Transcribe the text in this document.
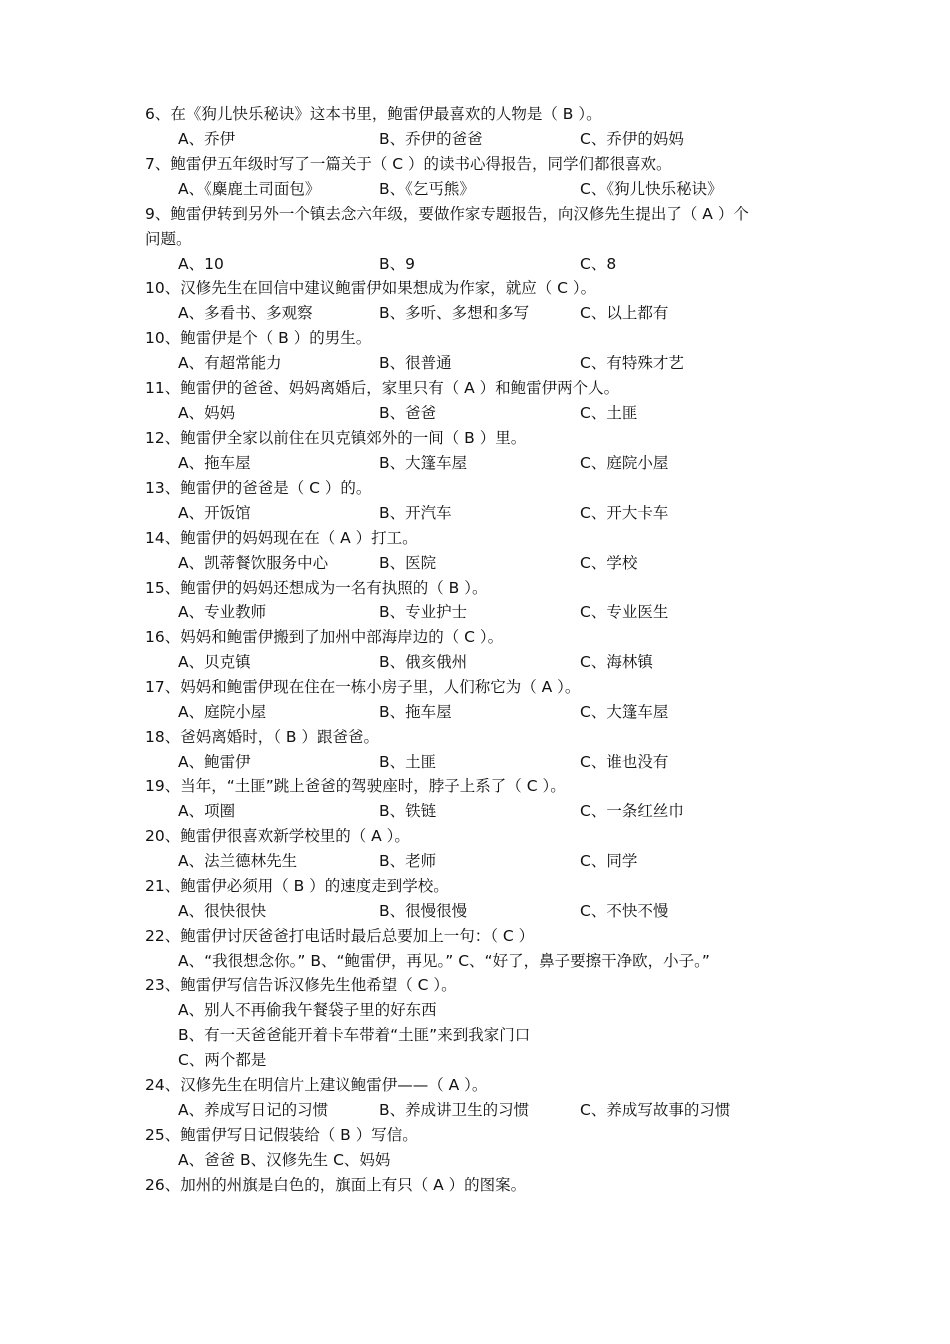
6、在《狗儿快乐秘诀》这本书里，鲍雷伊最喜欢的人物是（ B ）。
A、乔伊	B、乔伊的爸爸	C、乔伊的妈妈
7、鲍雷伊五年级时写了一篇关于（ C ）的读书心得报告，同学们都很喜欢。
A、《麋鹿土司面包》	B、《乞丐熊》	C、《狗儿快乐秘诀》
9、鲍雷伊转到另外一个镇去念六年级，要做作家专题报告，向汉修先生提出了（ A ）个
问题。
A、10	B、9	C、8
10、汉修先生在回信中建议鲍雷伊如果想成为作家，就应（ C ）。
A、多看书、多观察	B、多听、多想和多写	C、以上都有
10、鲍雷伊是个（ B ）的男生。
A、有超常能力	B、很普通	C、有特殊才艺
11、鲍雷伊的爸爸、妈妈离婚后，家里只有（ A ）和鲍雷伊两个人。
A、妈妈	B、爸爸	C、土匪
12、鲍雷伊全家以前住在贝克镇郊外的一间（ B ）里。
A、拖车屋	B、大篷车屋	C、庭院小屋
13、鲍雷伊的爸爸是（ C ）的。
A、开饭馆	B、开汽车	C、开大卡车
14、鲍雷伊的妈妈现在在（ A ）打工。
A、凯蒂餐饮服务中心	B、医院	C、学校
15、鲍雷伊的妈妈还想成为一名有执照的（ B ）。
A、专业教师	B、专业护士	C、专业医生
16、妈妈和鲍雷伊搬到了加州中部海岸边的（ C ）。
A、贝克镇	B、俄亥俄州	C、海林镇
17、妈妈和鲍雷伊现在住在一栋小房子里，人们称它为（ A ）。
A、庭院小屋	B、拖车屋	C、大篷车屋
18、爸妈离婚时，（ B ）跟爸爸。
A、鲍雷伊	B、土匪	C、谁也没有
19、当年，“土匪”跳上爸爸的驾驶座时，脖子上系了（ C ）。
A、项圈	B、铁链	C、一条红丝巾
20、鲍雷伊很喜欢新学校里的（ A ）。
A、法兰德林先生	B、老师	C、同学
21、鲍雷伊必须用（ B ）的速度走到学校。
A、很快很快	B、很慢很慢	C、不快不慢
22、鲍雷伊讨厌爸爸打电话时最后总要加上一句：（ C ）
A、“我很想念你。” B、“鲍雷伊，再见。” C、“好了，鼻子要擦干净欧，小子。”
23、鲍雷伊写信告诉汉修先生他希望（ C ）。
A、别人不再偷我午餐袋子里的好东西
B、有一天爸爸能开着卡车带着“土匪”来到我家门口
C、两个都是
24、汉修先生在明信片上建议鲍雷伊——（ A ）。
A、养成写日记的习惯	B、养成讲卫生的习惯	C、养成写故事的习惯
25、鲍雷伊写日记假装给（ B ）写信。
A、爸爸 B、汉修先生 C、妈妈
26、加州的州旗是白色的，旗面上有只（ A ）的图案。
